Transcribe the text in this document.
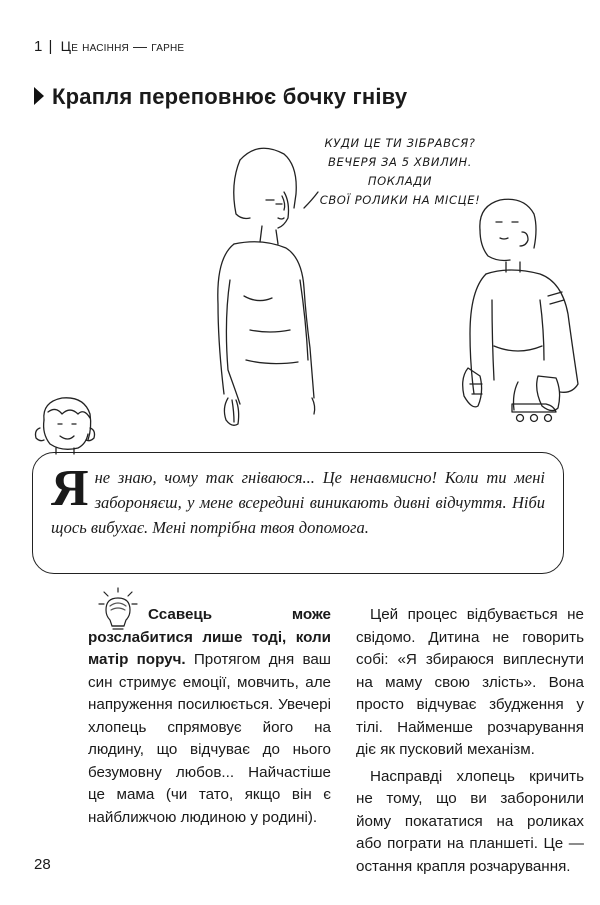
1 | Це насіння — гарне
Крапля переповнює бочку гніву
КУДИ ЦЕ ТИ ЗІБРАВСЯ?
ВЕЧЕРЯ ЗА 5 ХВИЛИН. ПОКЛАДИ
СВОЇ РОЛИКИ НА МІСЦЕ!

Я не знаю, чому так гніваюся... Це ненавмисно! Коли ти мені забороняєш, у мене всередині виникають дивні відчуття. Ніби щось вибухає. Мені потрібна твоя допомога.

Ссавець може розслабитися лише тоді, коли матір поруч. Протягом дня ваш син стримує емоції, мовчить, але напруження посилюється. Увечері хлопець спрямовує його на людину, що відчуває до нього безумовну любов... Найчастіше це мама (чи тато, якщо він є найближчою людиною у родині).

Цей процес відбувається не свідомо. Дитина не говорить собі: «Я збираюся виплеснути на маму свою злість». Вона просто відчуває збудження у тілі. Найменше розчарування діє як пусковий механізм.

Насправді хлопець кричить не тому, що ви заборонили йому покататися на роликах або пограти на планшеті. Це — остання крапля розчарування.

28
